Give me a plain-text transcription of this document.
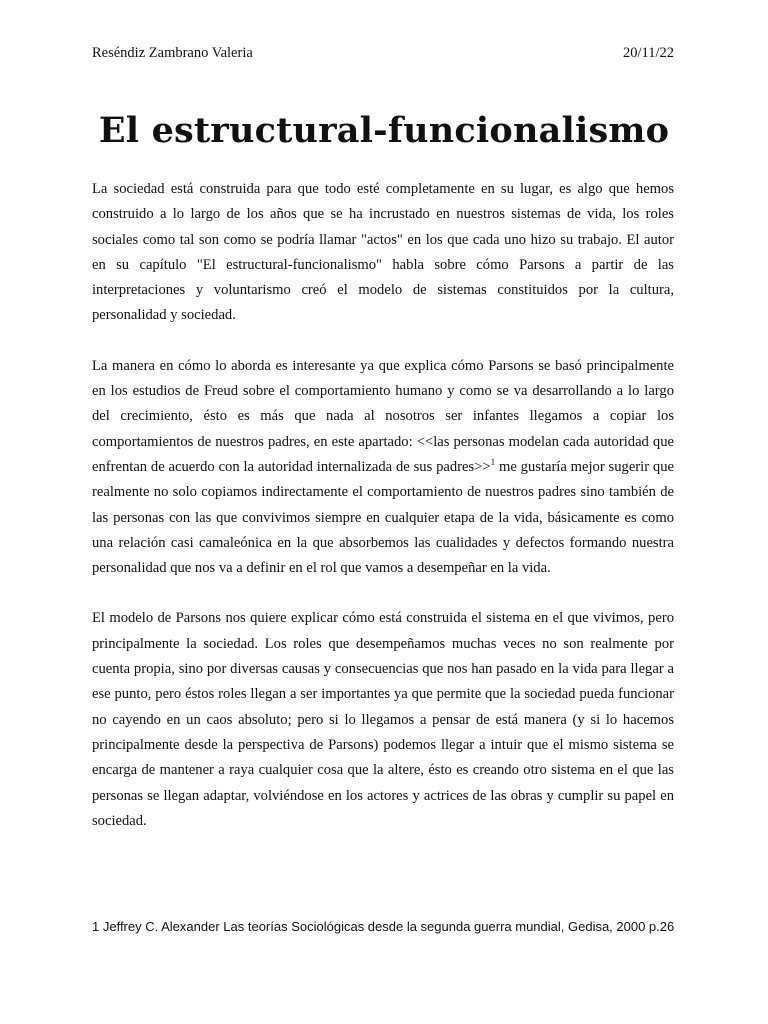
Reséndiz Zambrano Valeria	20/11/22
El estructural-funcionalismo

La sociedad está construida para que todo esté completamente en su lugar, es algo que hemos construido a lo largo de los años que se ha incrustado en nuestros sistemas de vida, los roles sociales como tal son como se podría llamar "actos" en los que cada uno hizo su trabajo. El autor en su capítulo "El estructural-funcionalismo" habla sobre cómo Parsons a partir de las interpretaciones y voluntarismo creó el modelo de sistemas constituidos por la cultura, personalidad y sociedad.

La manera en cómo lo aborda es interesante ya que explica cómo Parsons se basó principalmente en los estudios de Freud sobre el comportamiento humano y como se va desarrollando a lo largo del crecimiento, ésto es más que nada al nosotros ser infantes llegamos a copiar los comportamientos de nuestros padres, en este apartado: <<las personas modelan cada autoridad que enfrentan de acuerdo con la autoridad internalizada de sus padres>>$^1$ me gustaría mejor sugerir que realmente no solo copiamos indirectamente el comportamiento de nuestros padres sino también de las personas con las que convivimos siempre en cualquier etapa de la vida, básicamente es como una relación casi camaleónica en la que absorbemos las cualidades y defectos formando nuestra personalidad que nos va a definir en el rol que vamos a desempeñar en la vida.

El modelo de Parsons nos quiere explicar cómo está construida el sistema en el que vivimos, pero principalmente la sociedad. Los roles que desempeñamos muchas veces no son realmente por cuenta propia, sino por diversas causas y consecuencias que nos han pasado en la vida para llegar a ese punto, pero éstos roles llegan a ser importantes ya que permite que la sociedad pueda funcionar no cayendo en un caos absoluto; pero si lo llegamos a pensar de está manera (y si lo hacemos principalmente desde la perspectiva de Parsons) podemos llegar a intuir que el mismo sistema se encarga de mantener a raya cualquier cosa que la altere, ésto es creando otro sistema en el que las personas se llegan adaptar, volviéndose en los actores y actrices de las obras y cumplir su papel en sociedad.

1 Jeffrey C. Alexander Las teorías Sociológicas desde la segunda guerra mundial, Gedisa, 2000 p.26
